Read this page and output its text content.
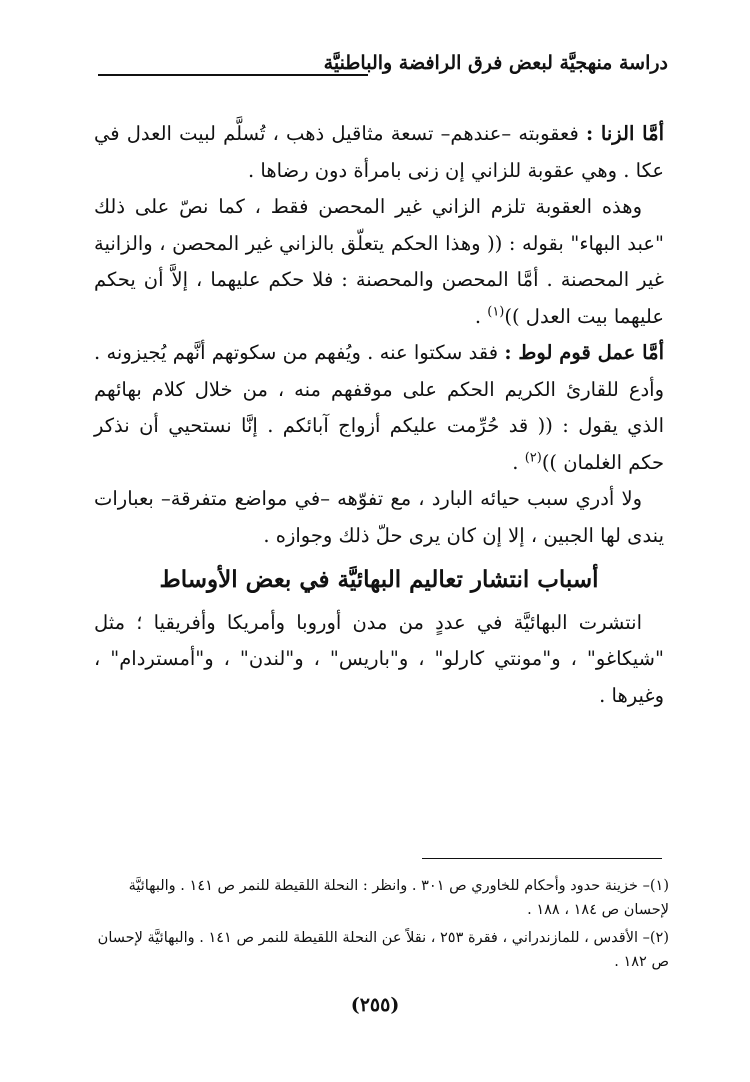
دراسة منهجيَّة لبعض فرق الرافضة والباطنيَّة

أمَّا الزنا : فعقوبته –عندهم– تسعة مثاقيل ذهب ، تُسلَّم لبيت العدل في عكا . وهي عقوبة للزاني إن زنى بامرأة دون رضاها .

وهذه العقوبة تلزم الزاني غير المحصن فقط ، كما نصّ على ذلك "عبد البهاء" بقوله : (( وهذا الحكم يتعلّق بالزاني غير المحصن ، والزانية غير المحصنة . أمَّا المحصن والمحصنة : فلا حكم عليهما ، إلاَّ أن يحكم عليهما بيت العدل ))$^{(١)}$ .

أمَّا عمل قوم لوط : فقد سكتوا عنه . ويُفهم من سكوتهم أنَّهم يُجيزونه . وأدع للقارئ الكريم الحكم على موقفهم منه ، من خلال كلام بهائهم الذي يقول : (( قد حُرِّمت عليكم أزواج آبائكم . إنَّا نستحيي أن نذكر حكم الغلمان ))$^{(٢)}$ .

ولا أدري سبب حيائه البارد ، مع تفوّهه –في مواضع متفرقة– بعبارات يندى لها الجبين ، إلا إن كان يرى حلّ ذلك وجوازه .

أسباب انتشار تعاليم البهائيَّة في بعض الأوساط

انتشرت البهائيَّة في عددٍ من مدن أوروبا وأمريكا وأفريقيا ؛ مثل "شيكاغو" ، و"مونتي كارلو" ، و"باريس" ، و"لندن" ، و"أمستردام" ، وغيرها .

(١)– خزينة حدود وأحكام للخاوري ص ٣٠١ . وانظر : النحلة اللقيطة للنمر ص ١٤١ . والبهائيَّة لإحسان ص ١٨٤ ، ١٨٨ .

(٢)– الأقدس ، للمازندراني ، فقرة ٢٥٣ ، نقلاً عن النحلة اللقيطة للنمر ص ١٤١ . والبهائيَّة لإحسان ص ١٨٢ .

(٢٥٥)
